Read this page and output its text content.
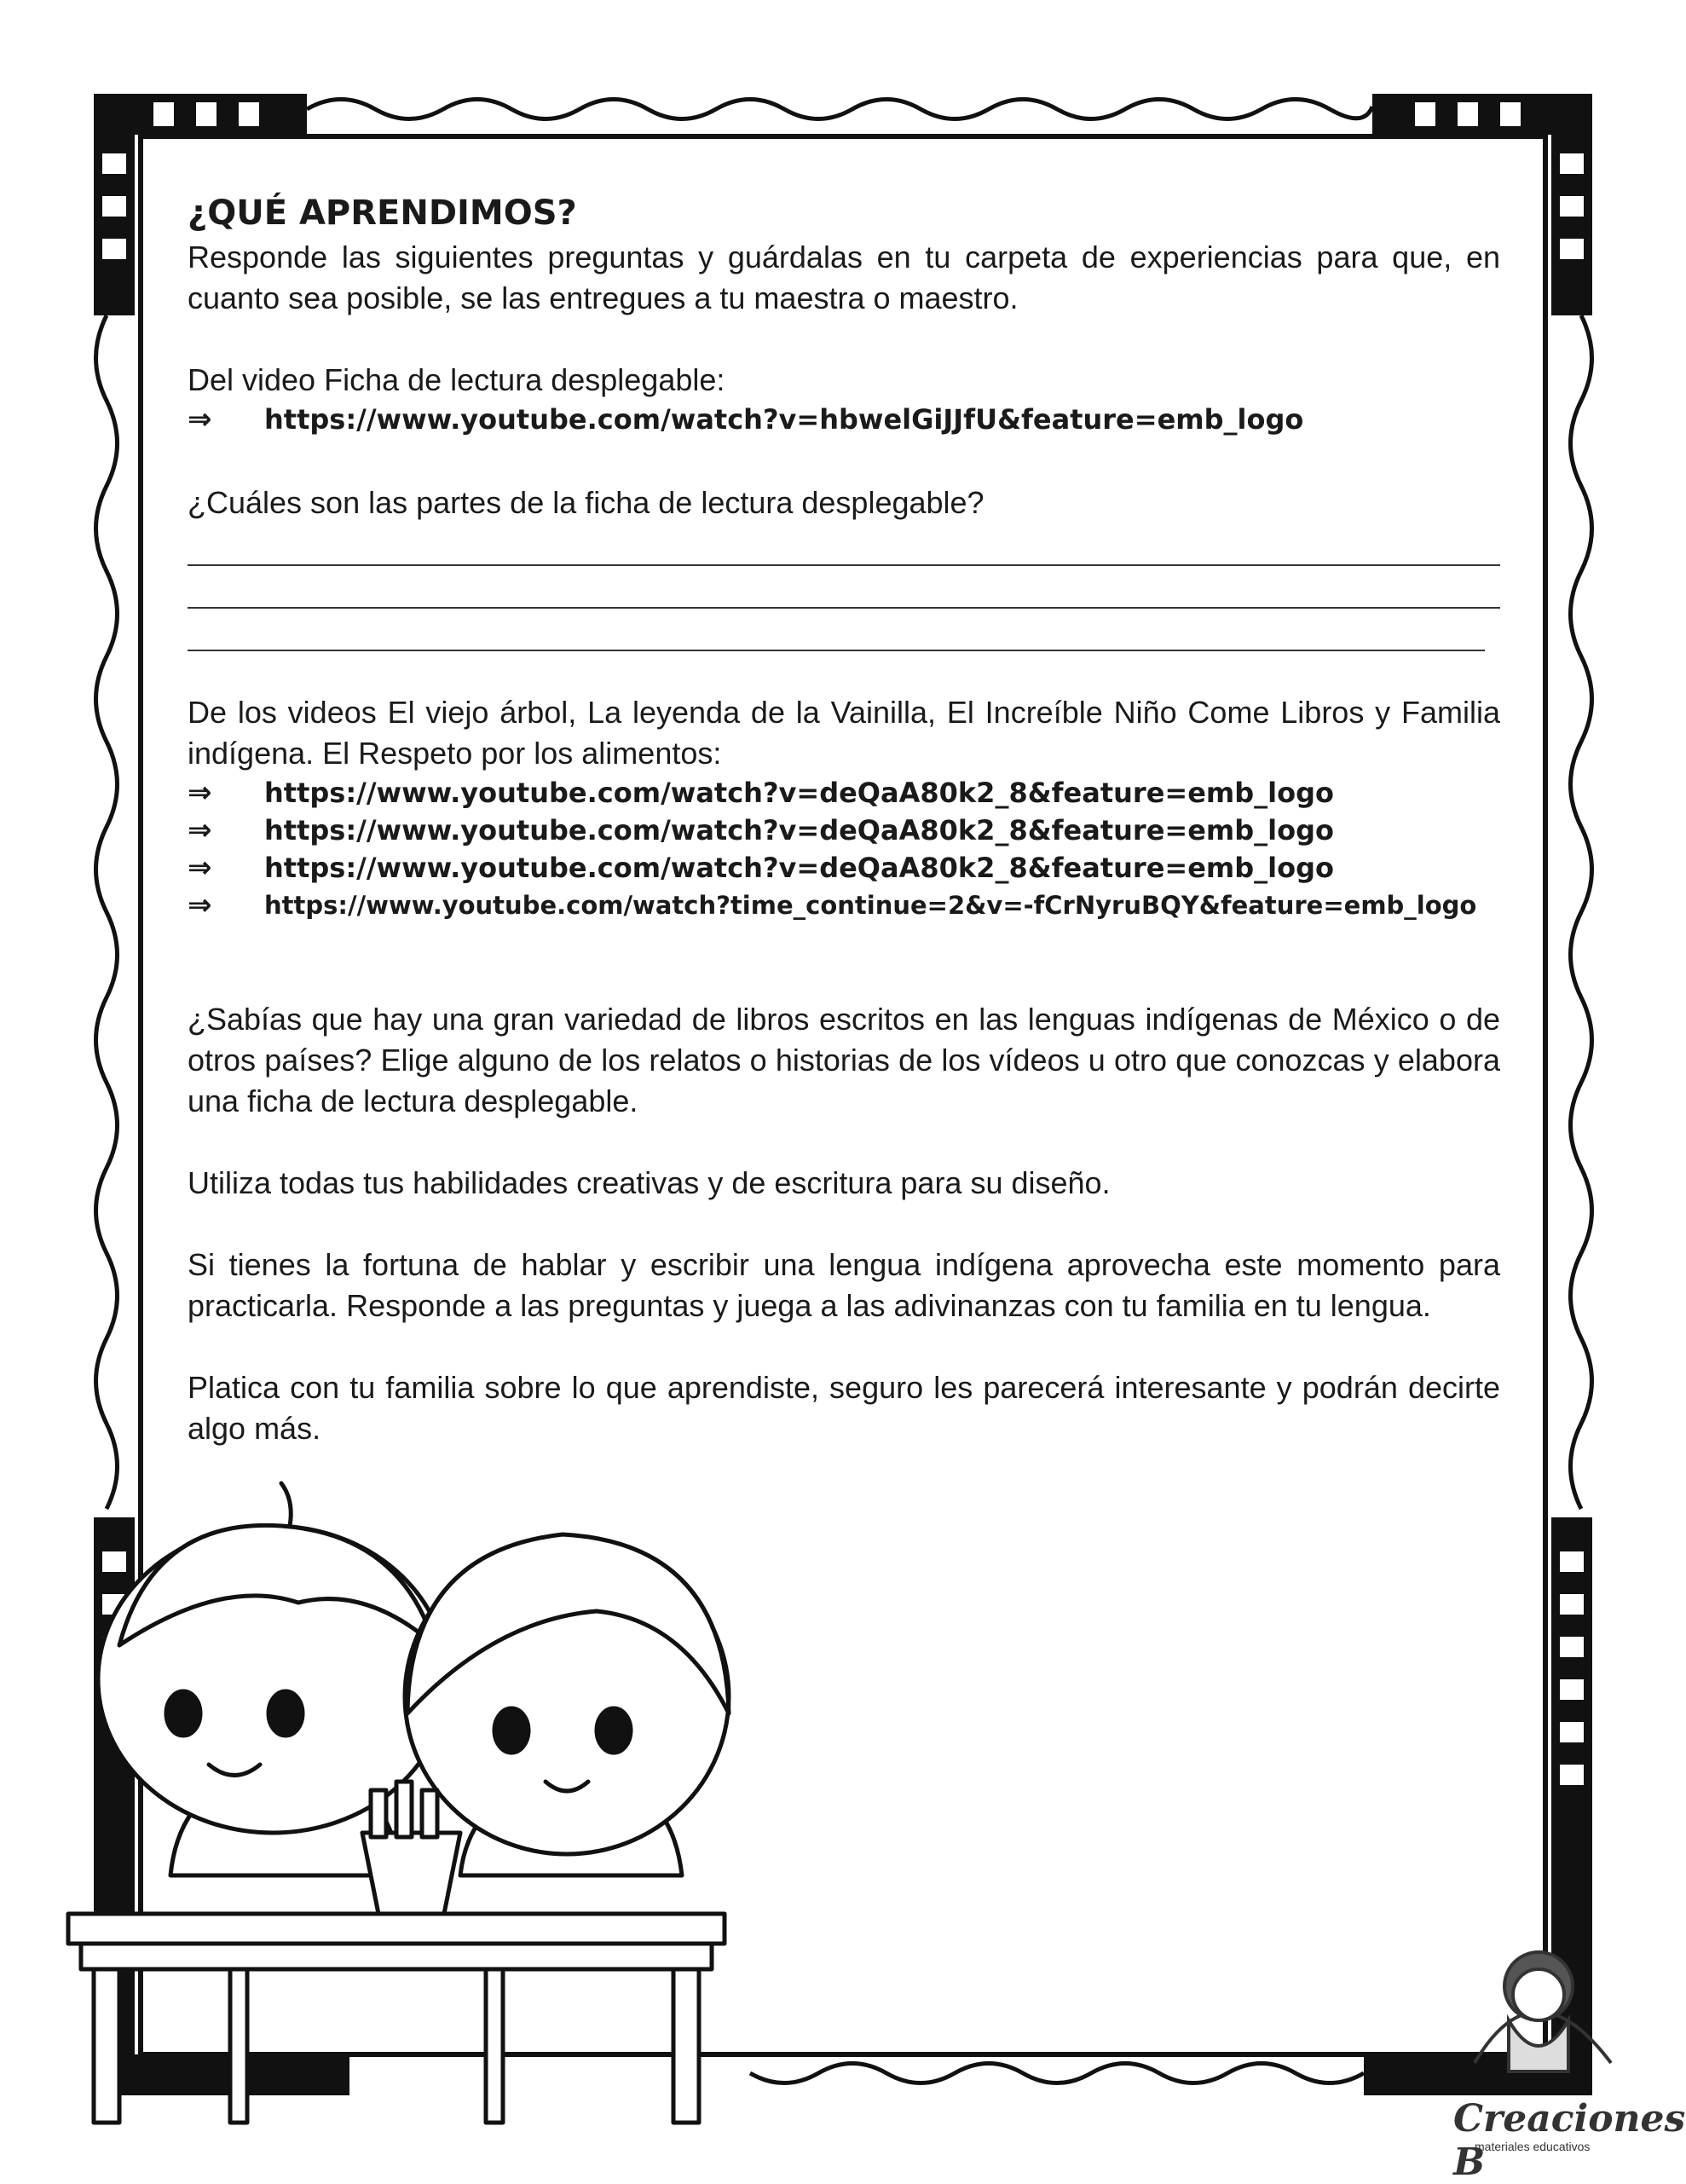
¿QUÉ APRENDIMOS?

Responde las siguientes preguntas y guárdalas en tu carpeta de experiencias para que, en cuanto sea posible, se las entregues a tu maestra o maestro.

Del video Ficha de lectura desplegable:

⇒	https://www.youtube.com/watch?v=hbwelGiJJfU&feature=emb_logo

¿Cuáles son las partes de la ficha de lectura desplegable?

De los videos El viejo árbol, La leyenda de la Vainilla, El Increíble Niño Come Libros y Familia indígena. El Respeto por los alimentos:

⇒	https://www.youtube.com/watch?v=deQaA80k2_8&feature=emb_logo
⇒	https://www.youtube.com/watch?v=deQaA80k2_8&feature=emb_logo
⇒	https://www.youtube.com/watch?v=deQaA80k2_8&feature=emb_logo
⇒	https://www.youtube.com/watch?time_continue=2&v=-fCrNyruBQY&feature=emb_logo

¿Sabías que hay una gran variedad de libros escritos en las lenguas indígenas de México o de otros países? Elige alguno de los relatos o historias de los vídeos u otro que conozcas y elabora una ficha de lectura desplegable.

Utiliza todas tus habilidades creativas y de escritura para su diseño.

Si tienes la fortuna de hablar y escribir una lengua indígena aprovecha este momento para practicarla. Responde a las preguntas y juega a las adivinanzas con tu familia en tu lengua.

Platica con tu familia sobre lo que aprendiste, seguro les parecerá interesante y podrán decirte algo más.

Creaciones B
materiales educativos
